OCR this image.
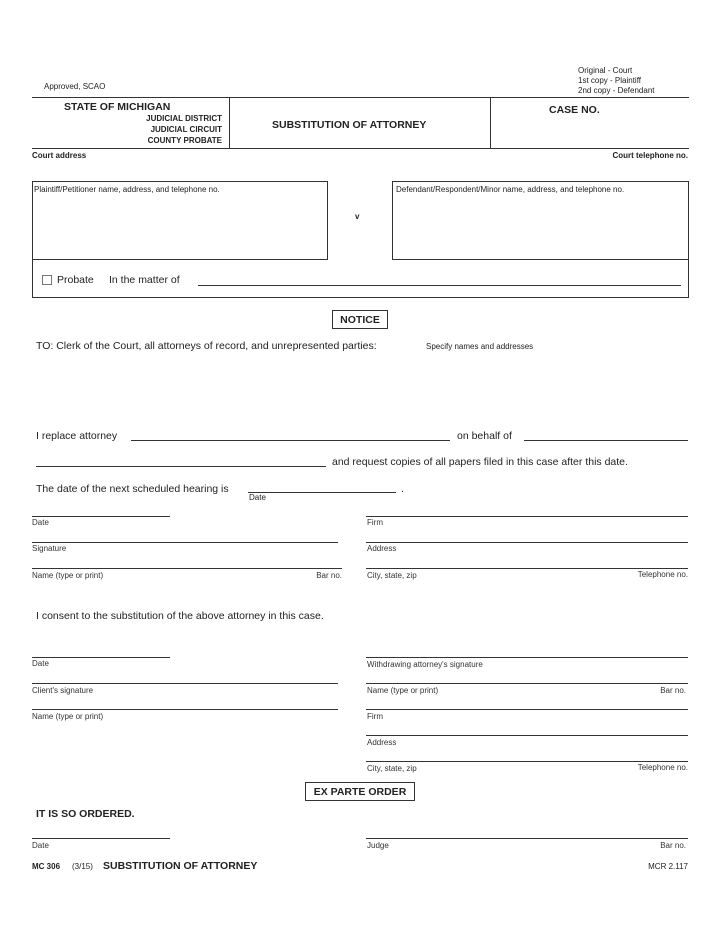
Approved, SCAO
Original - Court
1st copy - Plaintiff
2nd copy - Defendant
STATE OF MICHIGAN
JUDICIAL DISTRICT
JUDICIAL CIRCUIT
COUNTY PROBATE
SUBSTITUTION OF ATTORNEY
CASE NO.
Court address	Court telephone no.
Plaintiff/Petitioner name, address, and telephone no.
v
Defendant/Respondent/Minor name, address, and telephone no.
Probate In the matter of
NOTICE
TO: Clerk of the Court, all attorneys of record, and unrepresented parties:	Specify names and addresses
I replace attorney	on behalf of
and request copies of all papers filed in this case after this date.
The date of the next scheduled hearing is	.
Date
Date	Firm
Signature	Address
Name (type or print)	Bar no.	City, state, zip	Telephone no.
I consent to the substitution of the above attorney in this case.
Date	Withdrawing attorney's signature
Client's signature	Name (type or print)	Bar no.
Name (type or print)	Firm
Address
City, state, zip	Telephone no.
EX PARTE ORDER
IT IS SO ORDERED.
Date	Judge	Bar no.
MC 306 (3/15) SUBSTITUTION OF ATTORNEY	MCR 2.117
